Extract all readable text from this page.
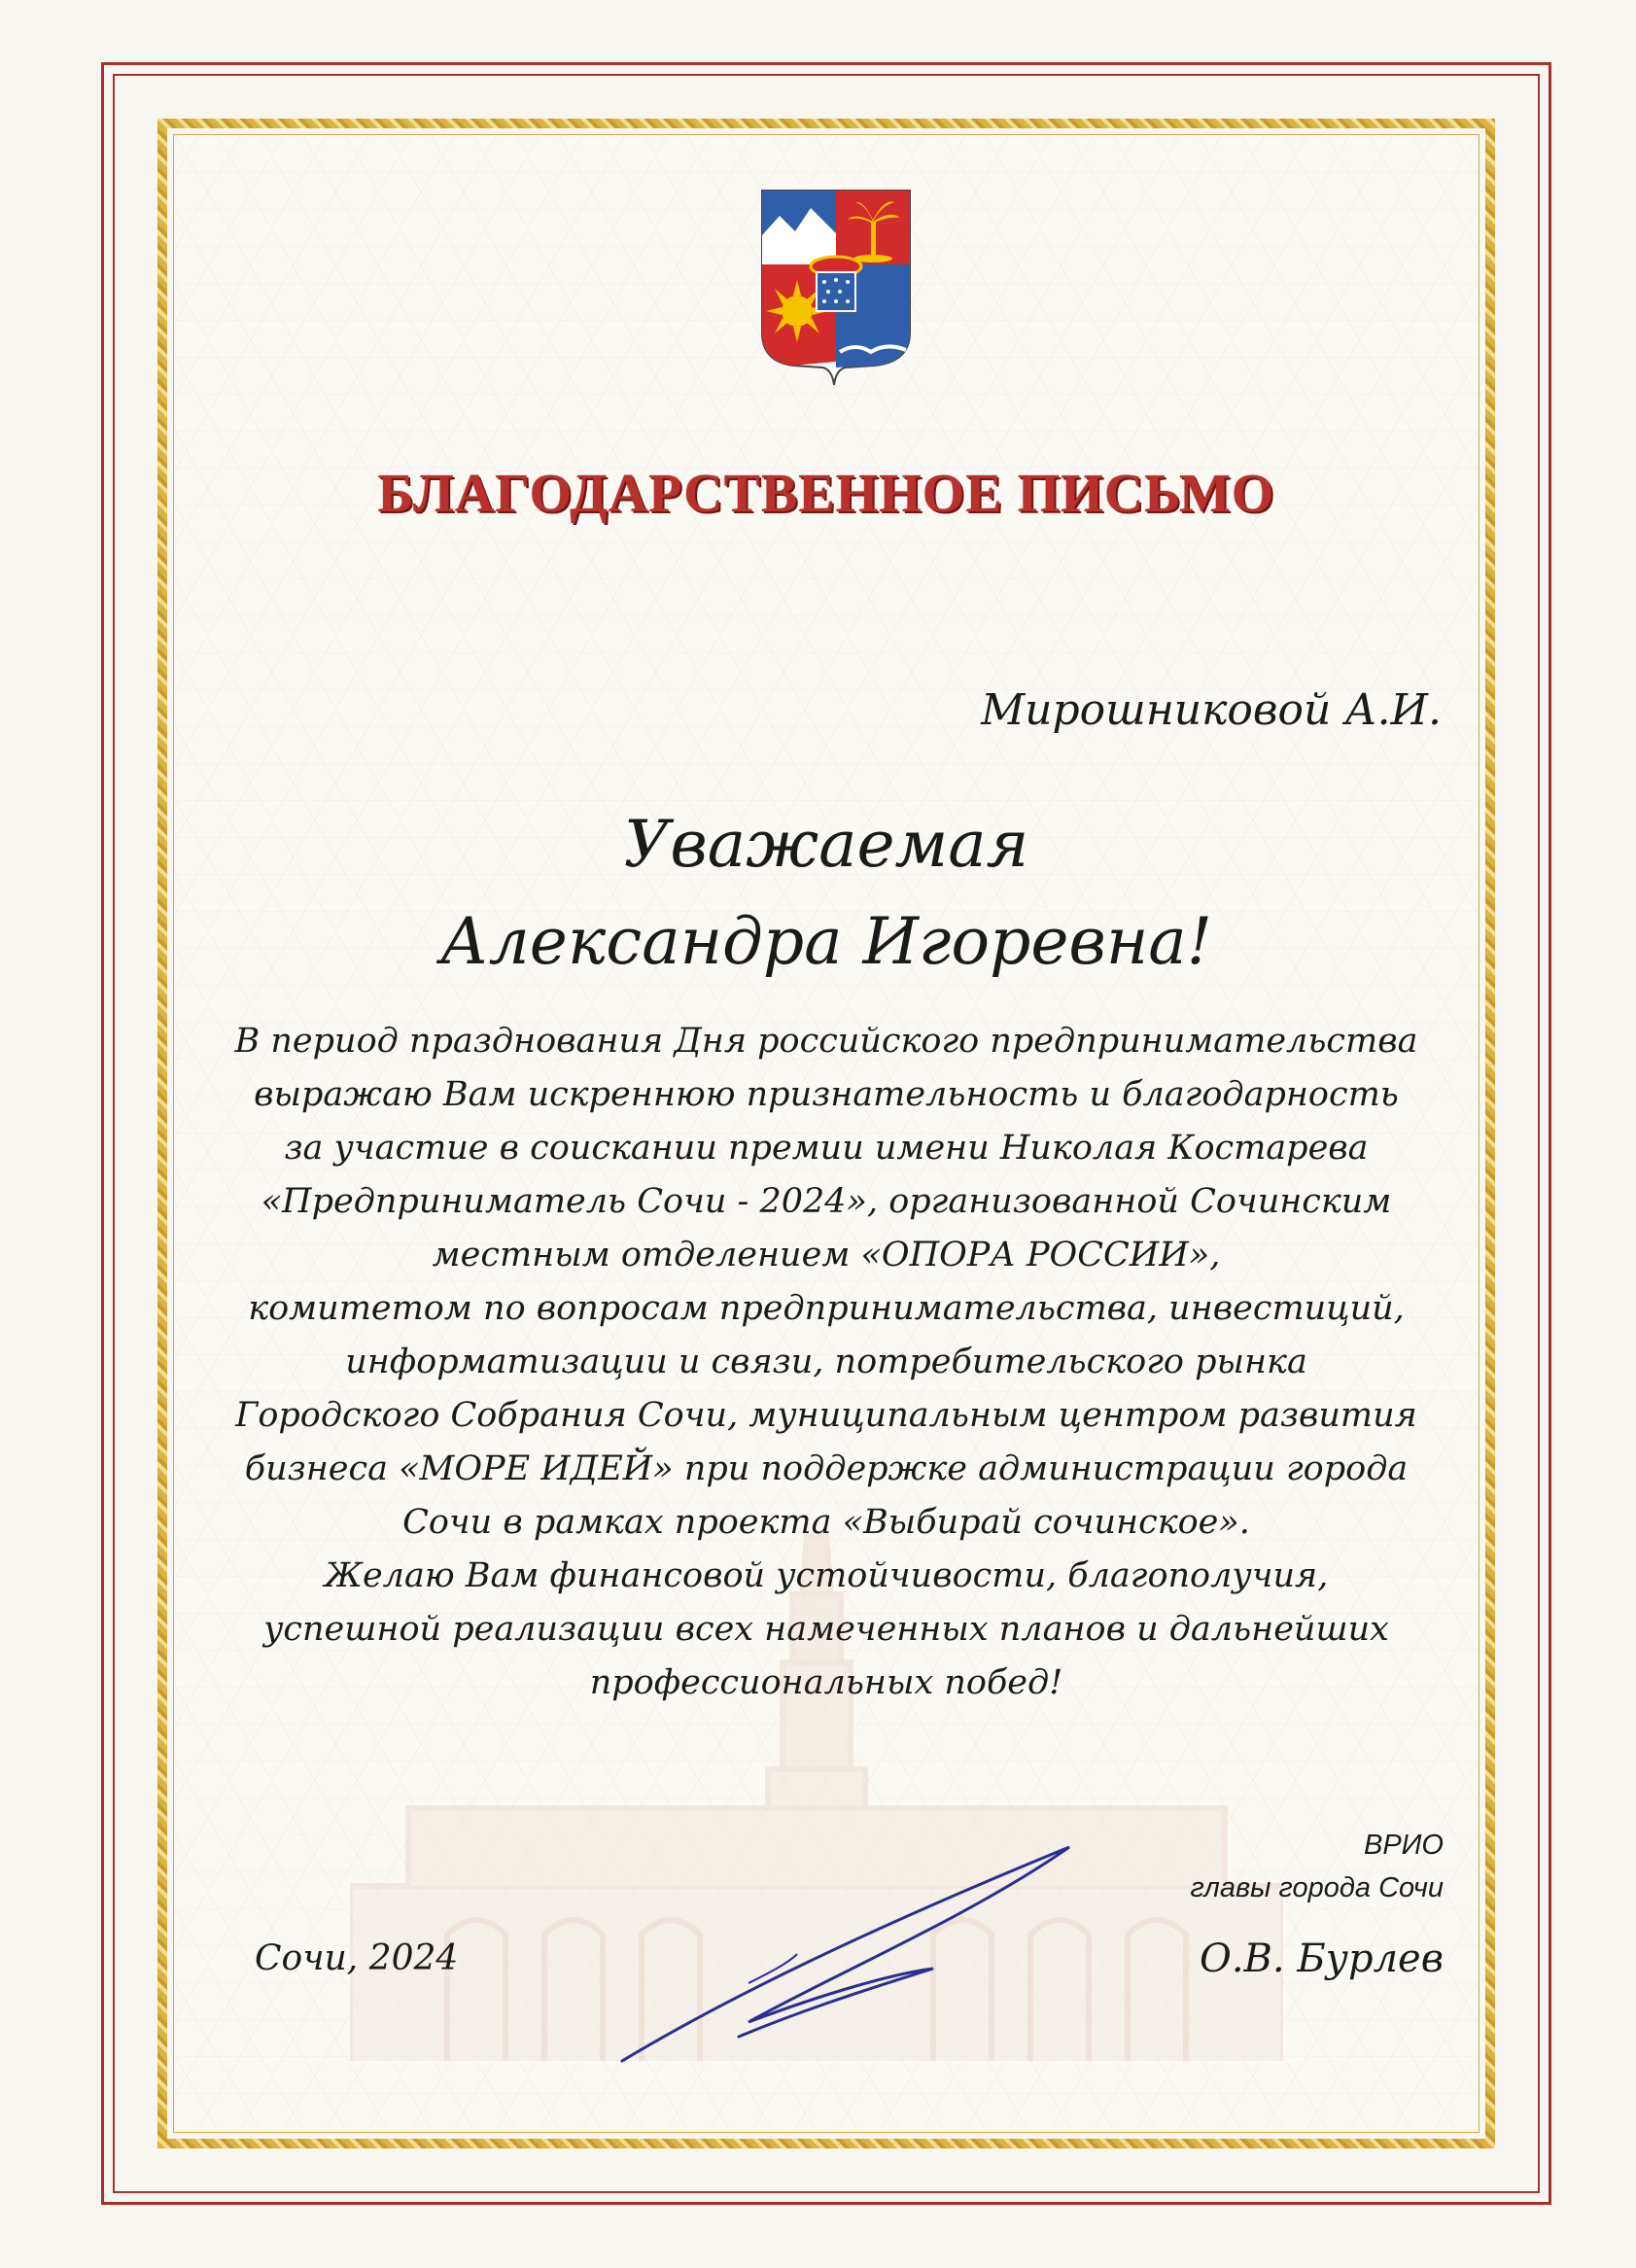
БЛАГОДАРСТВЕННОЕ ПИСЬМО
Мирошниковой А.И.
Уважаемая
Александра Игоревна!
В период празднования Дня российского предпринимательства
выражаю Вам искреннюю признательность и благодарность
за участие в соискании премии имени Николая Костарева
«Предприниматель Сочи - 2024», организованной Сочинским
местным отделением «ОПОРА РОССИИ»,
комитетом по вопросам предпринимательства, инвестиций,
информатизации и связи, потребительского рынка
Городского Собрания Сочи, муниципальным центром развития
бизнеса «МОРЕ ИДЕЙ» при поддержке администрации города
Сочи в рамках проекта «Выбирай сочинское».
Желаю Вам финансовой устойчивости, благополучия,
успешной реализации всех намеченных планов и дальнейших
профессиональных побед!
ВРИО
главы города Сочи
Сочи, 2024	О.В. Бурлев
